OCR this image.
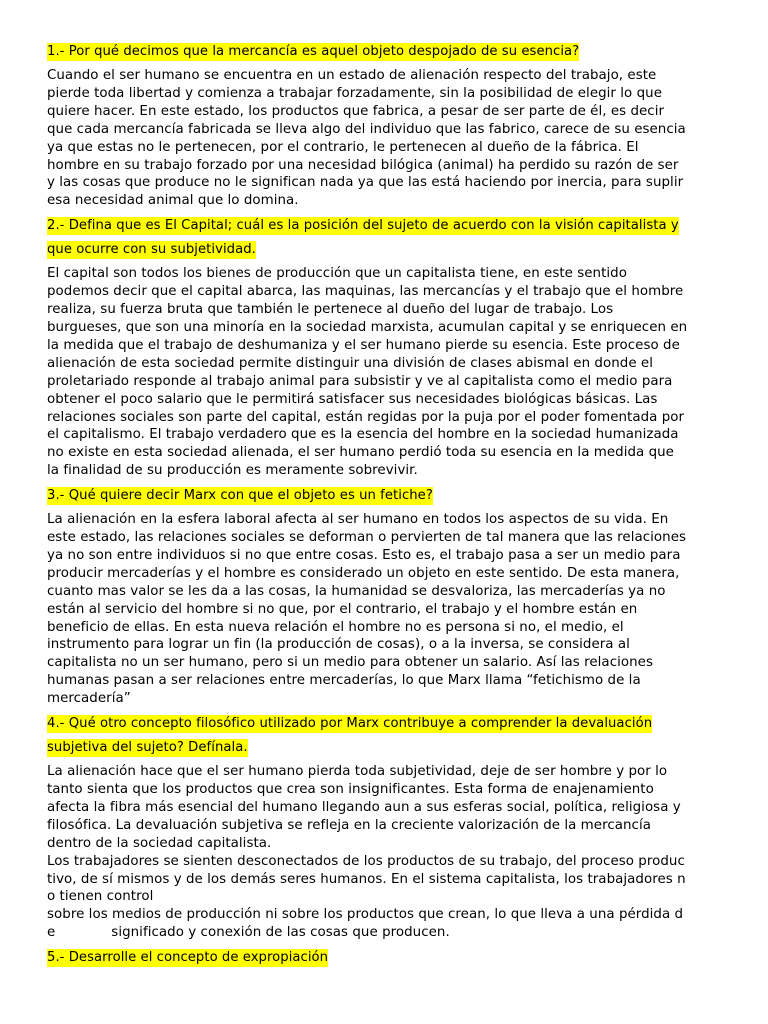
1.- Por qué decimos que la mercancía es aquel objeto despojado de su esencia?
Cuando el ser humano se encuentra en un estado de alienación respecto del trabajo, este
pierde toda libertad y comienza a trabajar forzadamente, sin la posibilidad de elegir lo que
quiere hacer. En este estado, los productos que fabrica, a pesar de ser parte de él, es decir
que cada mercancía fabricada se lleva algo del individuo que las fabrico, carece de su esencia
ya que estas no le pertenecen, por el contrario, le pertenecen al dueño de la fábrica. El
hombre en su trabajo forzado por una necesidad bilógica (animal) ha perdido su razón de ser
y las cosas que produce no le significan nada ya que las está haciendo por inercia, para suplir
esa necesidad animal que lo domina.
2.- Defina que es El Capital; cuál es la posición del sujeto de acuerdo con la visión capitalista y
que ocurre con su subjetividad.
El capital son todos los bienes de producción que un capitalista tiene, en este sentido
podemos decir que el capital abarca, las maquinas, las mercancías y el trabajo que el hombre
realiza, su fuerza bruta que también le pertenece al dueño del lugar de trabajo. Los
burgueses, que son una minoría en la sociedad marxista, acumulan capital y se enriquecen en
la medida que el trabajo de deshumaniza y el ser humano pierde su esencia. Este proceso de
alienación de esta sociedad permite distinguir una división de clases abismal en donde el
proletariado responde al trabajo animal para subsistir y ve al capitalista como el medio para
obtener el poco salario que le permitirá satisfacer sus necesidades biológicas básicas. Las
relaciones sociales son parte del capital, están regidas por la puja por el poder fomentada por
el capitalismo. El trabajo verdadero que es la esencia del hombre en la sociedad humanizada
no existe en esta sociedad alienada, el ser humano perdió toda su esencia en la medida que
la finalidad de su producción es meramente sobrevivir.
3.- Qué quiere decir Marx con que el objeto es un fetiche?
La alienación en la esfera laboral afecta al ser humano en todos los aspectos de su vida. En
este estado, las relaciones sociales se deforman o pervierten de tal manera que las relaciones
ya no son entre individuos si no que entre cosas. Esto es, el trabajo pasa a ser un medio para
producir mercaderías y el hombre es considerado un objeto en este sentido. De esta manera,
cuanto mas valor se les da a las cosas, la humanidad se desvaloriza, las mercaderías ya no
están al servicio del hombre si no que, por el contrario, el trabajo y el hombre están en
beneficio de ellas. En esta nueva relación el hombre no es persona si no, el medio, el
instrumento para lograr un fin (la producción de cosas), o a la inversa, se considera al
capitalista no un ser humano, pero si un medio para obtener un salario. Así las relaciones
humanas pasan a ser relaciones entre mercaderías, lo que Marx llama “fetichismo de la
mercadería”
4.- Qué otro concepto filosófico utilizado por Marx contribuye a comprender la devaluación
subjetiva del sujeto? Defínala.
La alienación hace que el ser humano pierda toda subjetividad, deje de ser hombre y por lo
tanto sienta que los productos que crea son insignificantes. Esta forma de enajenamiento
afecta la fibra más esencial del humano llegando aun a sus esferas social, política, religiosa y
filosófica. La devaluación subjetiva se refleja en la creciente valorización de la mercancía
dentro de la sociedad capitalista.
Los trabajadores se sienten desconectados de los productos de su trabajo, del proceso produc
tivo, de sí mismos y de los demás seres humanos. En el sistema capitalista, los trabajadores n
o tienen control
sobre los medios de producción ni sobre los productos que crean, lo que lleva a una pérdida d
e	significado y conexión de las cosas que producen.
5.- Desarrolle el concepto de expropiación
